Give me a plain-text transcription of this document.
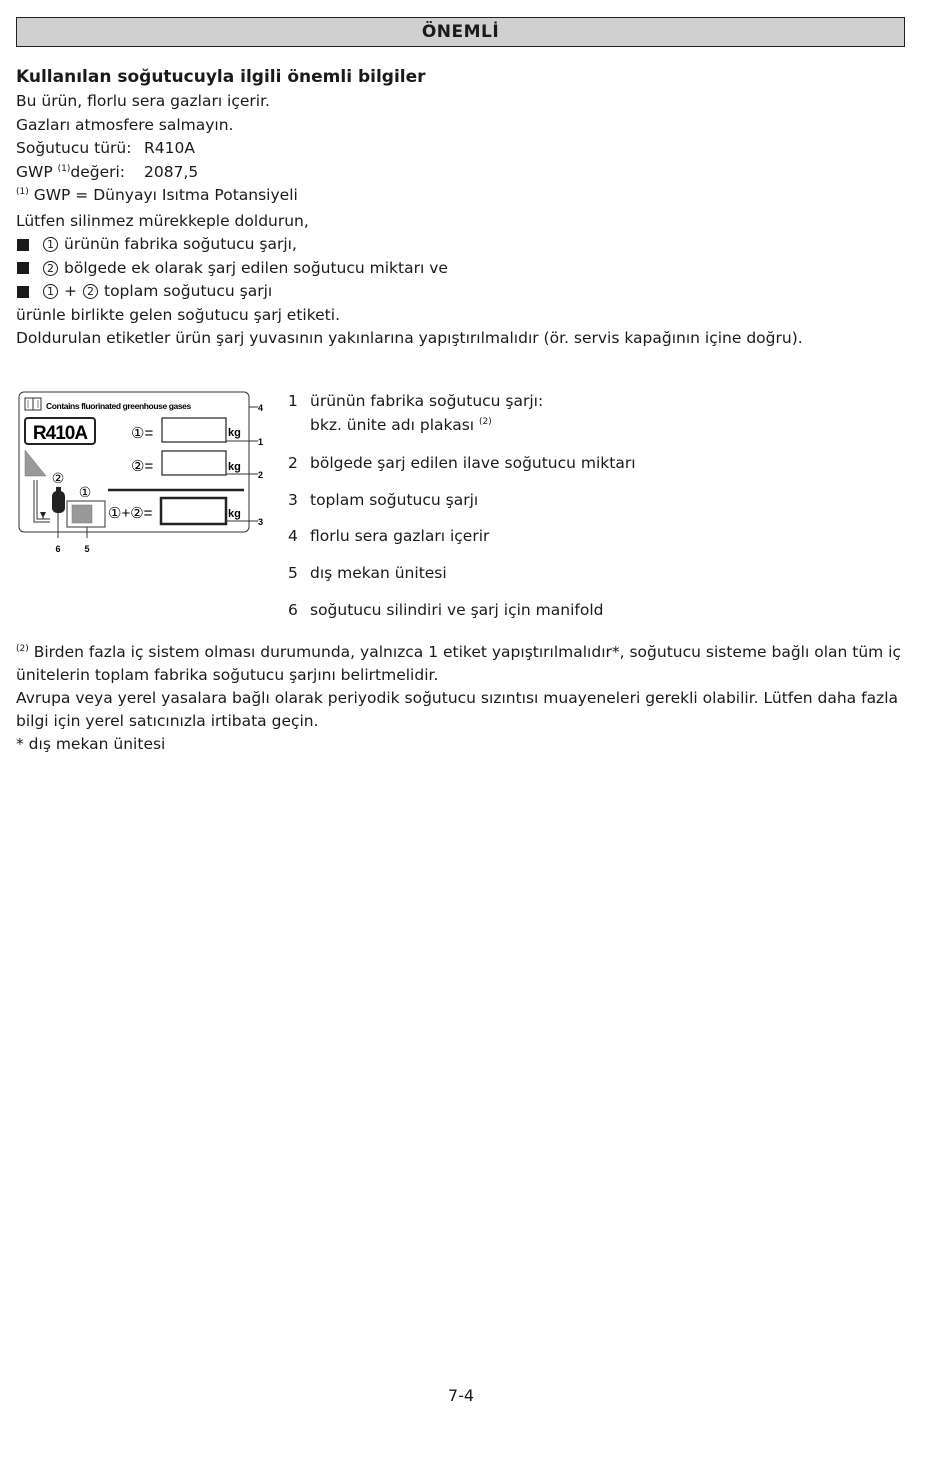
ÖNEMLİ
Kullanılan soğutucuyla ilgili önemli bilgiler
Bu ürün, florlu sera gazları içerir.
Gazları atmosfere salmayın.
Soğutucu türü: R410A
GWP $^{(1)}$değeri:	2087,5
$^{(1)}$ GWP = Dünyayı Isıtma Potansiyeli
Lütfen silinmez mürekkeple doldurun,
1 ürünün fabrika soğutucu şarjı,
2 bölgede ek olarak şarj edilen soğutucu miktarı ve
1 + 2 toplam soğutucu şarjı
ürünle birlikte gelen soğutucu şarj etiketi.
Doldurulan etiketler ürün şarj yuvasının yakınlarına yapıştırılmalıdır (ör. servis kapağının içine doğru).
Contains fluorinated greenhouse gases
R410A	①=	kg
②=	kg
①+②=	kg
4
1
2
3
②
①
6	5
1 ürünün fabrika soğutucu şarjı:
bkz. ünite adı plakası $^{(2)}$
2 bölgede şarj edilen ilave soğutucu miktarı
3 toplam soğutucu şarjı
4 florlu sera gazları içerir
5 dış mekan ünitesi
6 soğutucu silindiri ve şarj için manifold

$^{(2)}$ Birden fazla iç sistem olması durumunda, yalnızca 1 etiket yapıştırılmalıdır*, soğutucu sisteme bağlı olan tüm iç ünitelerin toplam fabrika soğutucu şarjını belirtmelidir.

Avrupa veya yerel yasalara bağlı olarak periyodik soğutucu sızıntısı muayeneleri gerekli olabilir. Lütfen daha fazla bilgi için yerel satıcınızla irtibata geçin.

* dış mekan ünitesi

7-4
